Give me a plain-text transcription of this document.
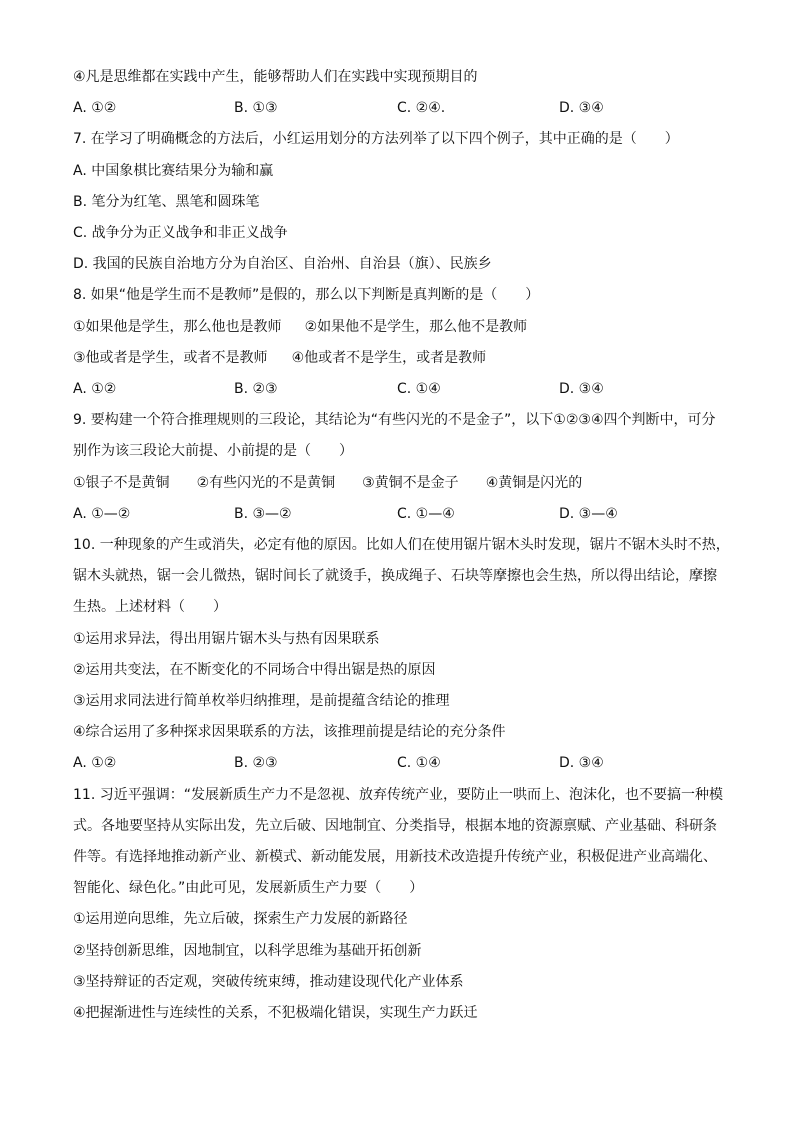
④凡是思维都在实践中产生，能够帮助人们在实践中实现预期目的
A. ①②	B. ①③	C. ②④.	D. ③④
7. 在学习了明确概念的方法后，小红运用划分的方法列举了以下四个例子，其中正确的是（　　）
A. 中国象棋比赛结果分为输和赢
B. 笔分为红笔、黑笔和圆珠笔
C. 战争分为正义战争和非正义战争
D. 我国的民族自治地方分为自治区、自治州、自治县（旗）、民族乡
8. 如果“他是学生而不是教师”是假的，那么以下判断是真判断的是（　　）
①如果他是学生，那么他也是教师 ②如果他不是学生，那么他不是教师
③他或者是学生，或者不是教师 ④他或者不是学生，或者是教师
A. ①②	B. ②③	C. ①④	D. ③④
9. 要构建一个符合推理规则的三段论，其结论为“有些闪光的不是金子”，以下①②③④四个判断中，可分
别作为该三段论大前提、小前提的是（　　）
①银子不是黄铜 ②有些闪光的不是黄铜 ③黄铜不是金子 ④黄铜是闪光的
A. ①—②	B. ③—②	C. ①—④	D. ③—④
10. 一种现象的产生或消失，必定有他的原因。比如人们在使用锯片锯木头时发现，锯片不锯木头时不热，
锯木头就热，锯一会儿微热，锯时间长了就烫手，换成绳子、石块等摩擦也会生热，所以得出结论，摩擦
生热。上述材料（　　）
①运用求异法，得出用锯片锯木头与热有因果联系
②运用共变法，在不断变化的不同场合中得出锯是热的原因
③运用求同法进行简单枚举归纳推理，是前提蕴含结论的推理
④综合运用了多种探求因果联系的方法，该推理前提是结论的充分条件
A. ①②	B. ②③	C. ①④	D. ③④
11. 习近平强调：“发展新质生产力不是忽视、放弃传统产业，要防止一哄而上、泡沫化，也不要搞一种模
式。各地要坚持从实际出发，先立后破、因地制宜、分类指导，根据本地的资源禀赋、产业基础、科研条
件等。有选择地推动新产业、新模式、新动能发展，用新技术改造提升传统产业，积极促进产业高端化、
智能化、绿色化。”由此可见，发展新质生产力要（　　）
①运用逆向思维，先立后破，探索生产力发展的新路径
②坚持创新思维，因地制宜，以科学思维为基础开拓创新
③坚持辩证的否定观，突破传统束缚，推动建设现代化产业体系
④把握渐进性与连续性的关系，不犯极端化错误，实现生产力跃迁
